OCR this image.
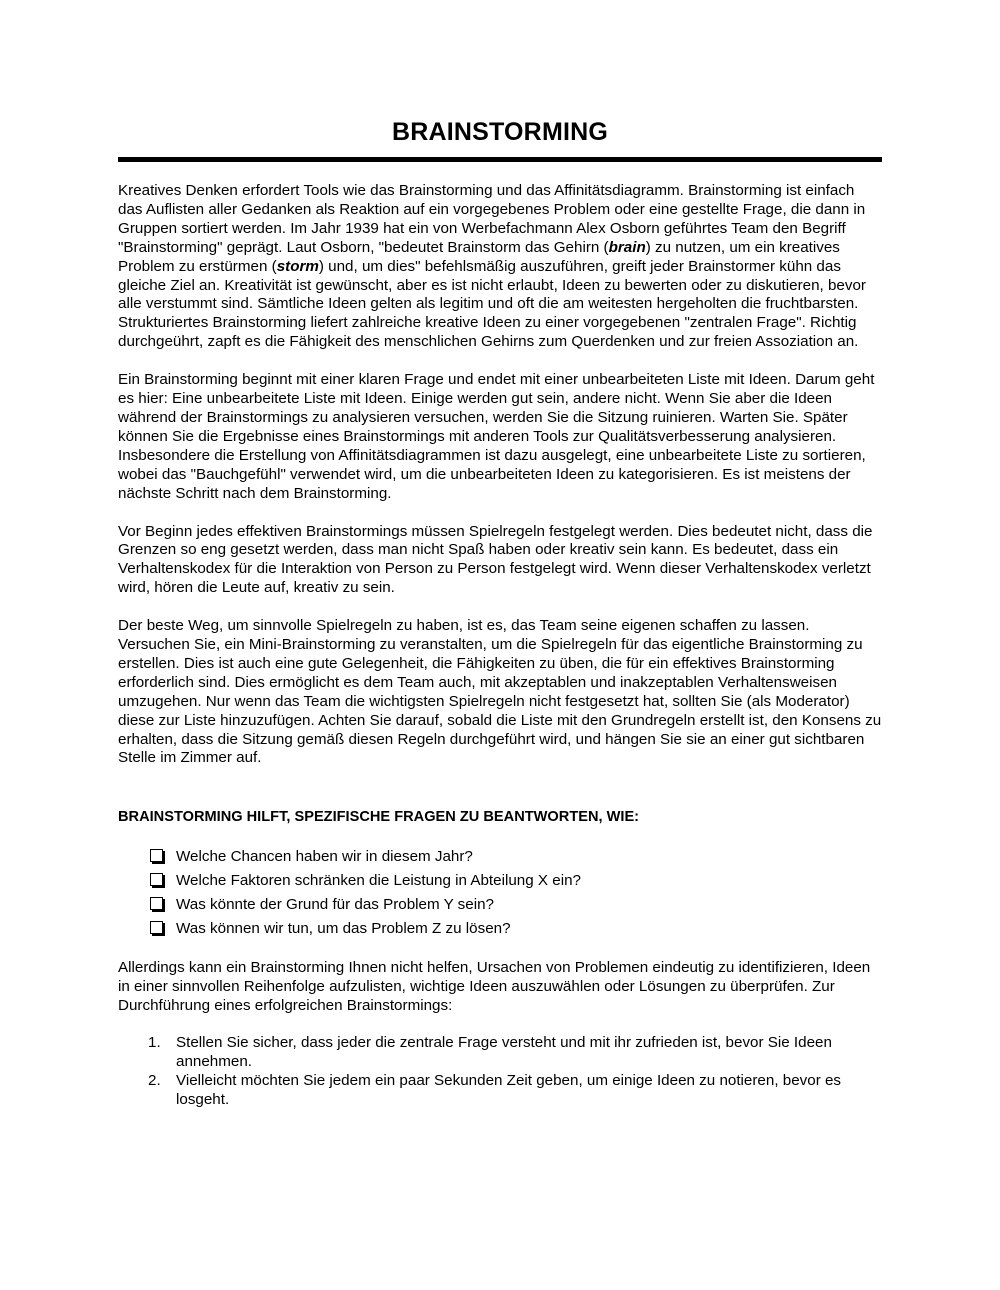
BRAINSTORMING

Kreatives Denken erfordert Tools wie das Brainstorming und das Affinitätsdiagramm. Brainstorming ist einfach das Auflisten aller Gedanken als Reaktion auf ein vorgegebenes Problem oder eine gestellte Frage, die dann in Gruppen sortiert werden. Im Jahr 1939 hat ein von Werbefachmann Alex Osborn geführtes Team den Begriff "Brainstorming" geprägt. Laut Osborn, "bedeutet Brainstorm das Gehirn (brain) zu nutzen, um ein kreatives Problem zu erstürmen (storm) und, um dies" befehlsmäßig auszuführen, greift jeder Brainstormer kühn das gleiche Ziel an. Kreativität ist gewünscht, aber es ist nicht erlaubt, Ideen zu bewerten oder zu diskutieren, bevor alle verstummt sind. Sämtliche Ideen gelten als legitim und oft die am weitesten hergeholten die fruchtbarsten. Strukturiertes Brainstorming liefert zahlreiche kreative Ideen zu einer vorgegebenen "zentralen Frage". Richtig durchgeührt, zapft es die Fähigkeit des menschlichen Gehirns zum Querdenken und zur freien Assoziation an.

Ein Brainstorming beginnt mit einer klaren Frage und endet mit einer unbearbeiteten Liste mit Ideen. Darum geht es hier: Eine unbearbeitete Liste mit Ideen. Einige werden gut sein, andere nicht. Wenn Sie aber die Ideen während der Brainstormings zu analysieren versuchen, werden Sie die Sitzung ruinieren. Warten Sie. Später können Sie die Ergebnisse eines Brainstormings mit anderen Tools zur Qualitätsverbesserung analysieren. Insbesondere die Erstellung von Affinitätsdiagrammen ist dazu ausgelegt, eine unbearbeitete Liste zu sortieren, wobei das "Bauchgefühl" verwendet wird, um die unbearbeiteten Ideen zu kategorisieren. Es ist meistens der nächste Schritt nach dem Brainstorming.

Vor Beginn jedes effektiven Brainstormings müssen Spielregeln festgelegt werden. Dies bedeutet nicht, dass die Grenzen so eng gesetzt werden, dass man nicht Spaß haben oder kreativ sein kann. Es bedeutet, dass ein Verhaltenskodex für die Interaktion von Person zu Person festgelegt wird. Wenn dieser Verhaltenskodex verletzt wird, hören die Leute auf, kreativ zu sein.

Der beste Weg, um sinnvolle Spielregeln zu haben, ist es, das Team seine eigenen schaffen zu lassen. Versuchen Sie, ein Mini-Brainstorming zu veranstalten, um die Spielregeln für das eigentliche Brainstorming zu erstellen. Dies ist auch eine gute Gelegenheit, die Fähigkeiten zu üben, die für ein effektives Brainstorming erforderlich sind. Dies ermöglicht es dem Team auch, mit akzeptablen und inakzeptablen Verhaltensweisen umzugehen. Nur wenn das Team die wichtigsten Spielregeln nicht festgesetzt hat, sollten Sie (als Moderator) diese zur Liste hinzuzufügen. Achten Sie darauf, sobald die Liste mit den Grundregeln erstellt ist, den Konsens zu erhalten, dass die Sitzung gemäß diesen Regeln durchgeführt wird, und hängen Sie sie an einer gut sichtbaren Stelle im Zimmer auf.

BRAINSTORMING HILFT, SPEZIFISCHE FRAGEN ZU BEANTWORTEN, WIE:
Welche Chancen haben wir in diesem Jahr?
Welche Faktoren schränken die Leistung in Abteilung X ein?
Was könnte der Grund für das Problem Y sein?
Was können wir tun, um das Problem Z zu lösen?

Allerdings kann ein Brainstorming Ihnen nicht helfen, Ursachen von Problemen eindeutig zu identifizieren, Ideen in einer sinnvollen Reihenfolge aufzulisten, wichtige Ideen auszuwählen oder Lösungen zu überprüfen. Zur Durchführung eines erfolgreichen Brainstormings:

1. Stellen Sie sicher, dass jeder die zentrale Frage versteht und mit ihr zufrieden ist, bevor Sie Ideen annehmen.
2. Vielleicht möchten Sie jedem ein paar Sekunden Zeit geben, um einige Ideen zu notieren, bevor es losgeht.
